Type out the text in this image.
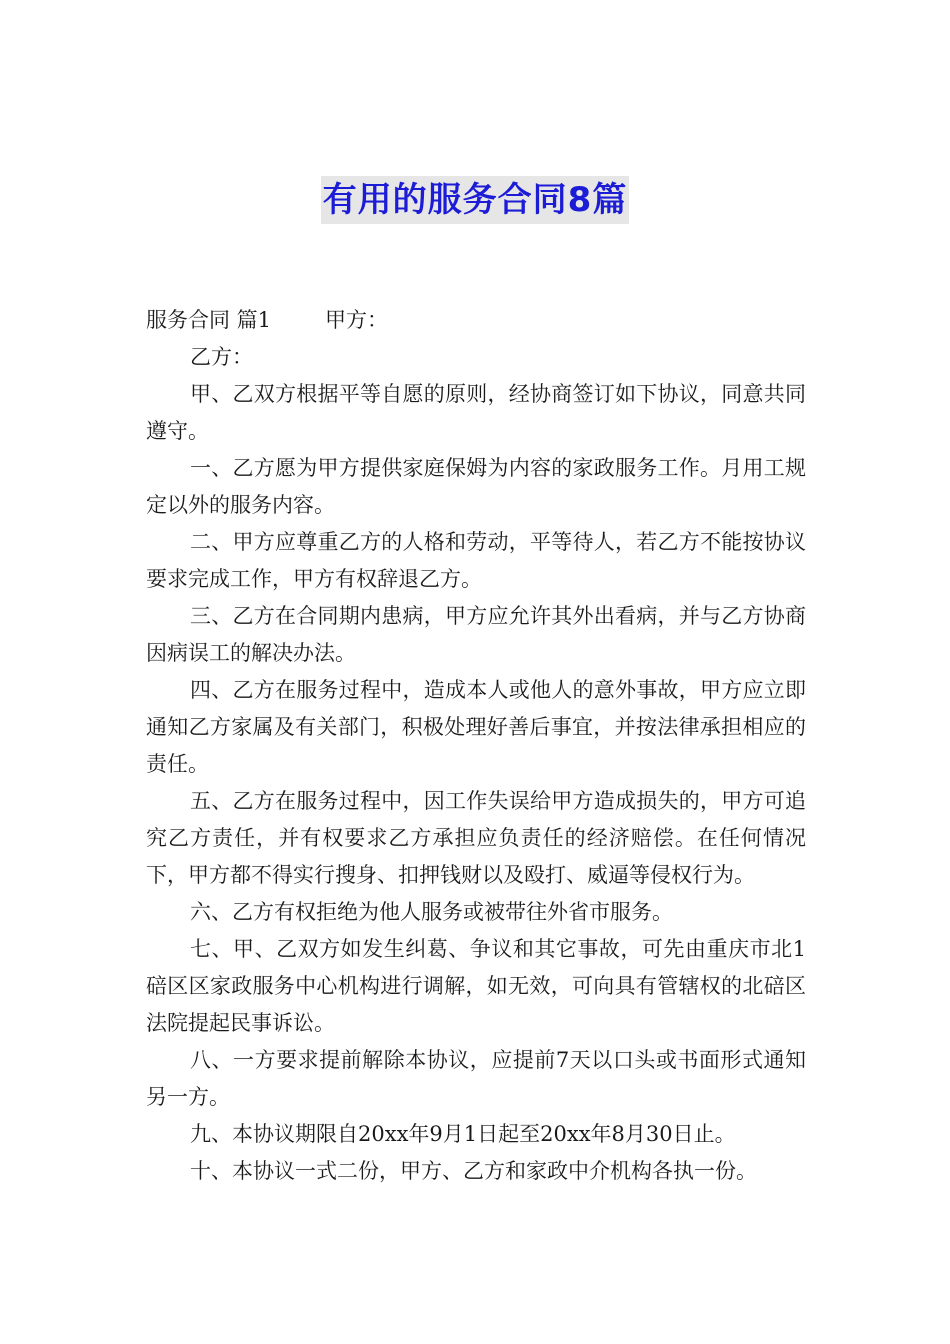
有用的服务合同8篇

服务合同 篇1	甲方：

乙方：

甲、乙双方根据平等自愿的原则，经协商签订如下协议，同意共同遵守。

一、乙方愿为甲方提供家庭保姆为内容的家政服务工作。月用工规定以外的服务内容。

二、甲方应尊重乙方的人格和劳动，平等待人，若乙方不能按协议要求完成工作，甲方有权辞退乙方。

三、乙方在合同期内患病，甲方应允许其外出看病，并与乙方协商因病误工的解决办法。

四、乙方在服务过程中，造成本人或他人的意外事故，甲方应立即通知乙方家属及有关部门，积极处理好善后事宜，并按法律承担相应的责任。

五、乙方在服务过程中，因工作失误给甲方造成损失的，甲方可追究乙方责任，并有权要求乙方承担应负责任的经济赔偿。在任何情况下，甲方都不得实行搜身、扣押钱财以及殴打、威逼等侵权行为。

六、乙方有权拒绝为他人服务或被带往外省市服务。

七、甲、乙双方如发生纠葛、争议和其它事故，可先由重庆市北1碚区区家政服务中心机构进行调解，如无效，可向具有管辖权的北碚区法院提起民事诉讼。

八、一方要求提前解除本协议，应提前7天以口头或书面形式通知另一方。

九、本协议期限自20xx年9月1日起至20xx年8月30日止。

十、本协议一式二份，甲方、乙方和家政中介机构各执一份。
